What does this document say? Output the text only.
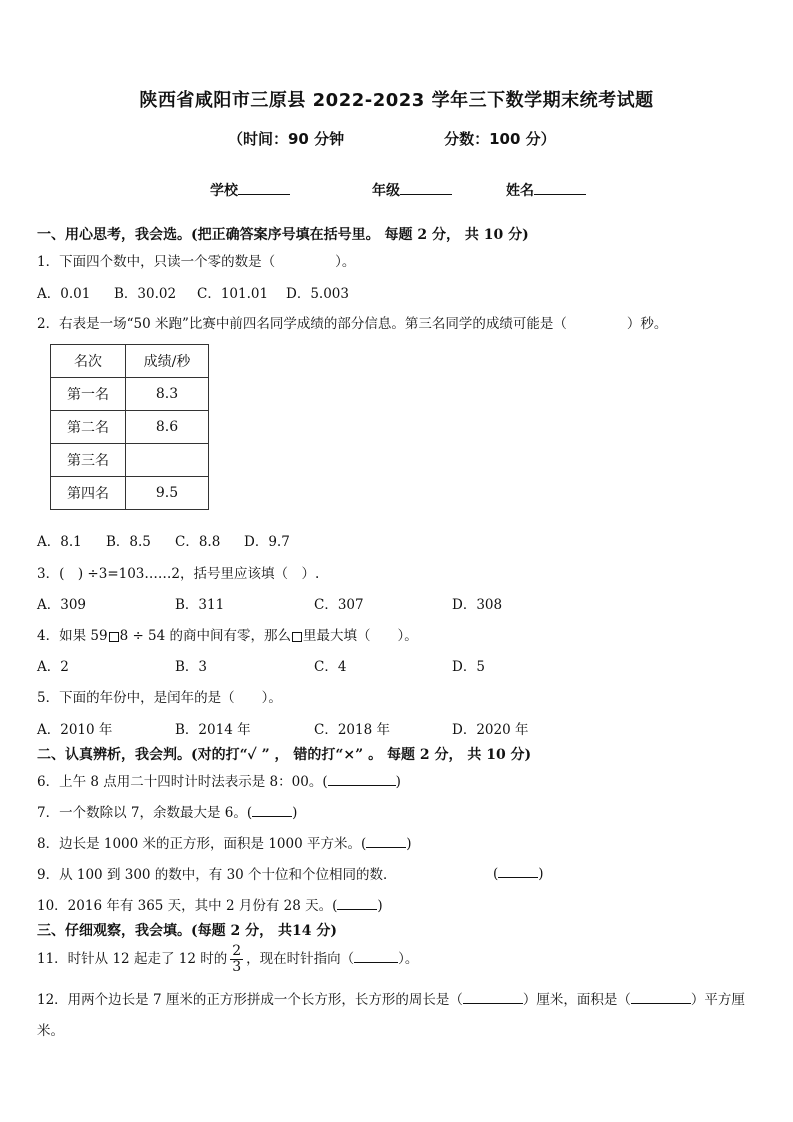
陕西省咸阳市三原县 2022-2023 学年三下数学期末统考试题
（时间：90 分钟	分数：100 分）
学校	年级	姓名
一、用心思考，我会选。(把正确答案序号填在括号里。 每题 2 分， 共 10 分)
1．下面四个数中，只读一个零的数是（	）。
A．0.01 B．30.02 C．101.01 D．5.003
2．右表是一场“50 米跑”比赛中前四名同学成绩的部分信息。第三名同学的成绩可能是（	）秒。
名次	成绩/秒
第一名	8.3
第二名	8.6
第三名	
第四名	9.5
A．8.1 B．8.5 C．8.8 D．9.7
3．(　) ÷3=103……2，括号里应该填（　）.
A．309	B．311	C．307	D．308
4．如果 59 8 ÷ 54 的商中间有零，那么 里最大填（　　）。
A．2	B．3	C．4	D．5
5．下面的年份中，是闰年的是（　　）。
A．2010 年	B．2014 年	C．2018 年	D．2020 年
二、认真辨析，我会判。(对的打“✓ ” ， 错的打“×” 。 每题 2 分， 共 10 分)
6．上午 8 点用二十四时计时法表示是 8：00。(	)
7．一个数除以 7，余数最大是 6。(	)
8．边长是 1000 米的正方形，面积是 1000 平方米。(	)
9．从 100 到 300 的数中，有 30 个十位和个位相同的数．	(	)
10．2016 年有 365 天，其中 2 月份有 28 天。(	)
三、仔细观察，我会填。(每题 2 分， 共14 分)
11．时针从 12 起走了 12 时的 $\frac{2}{3}$ ，现在时针指向（	）。
12．用两个边长是 7 厘米的正方形拼成一个长方形，长方形的周长是（	）厘米，面积是（	）平方厘
米。
